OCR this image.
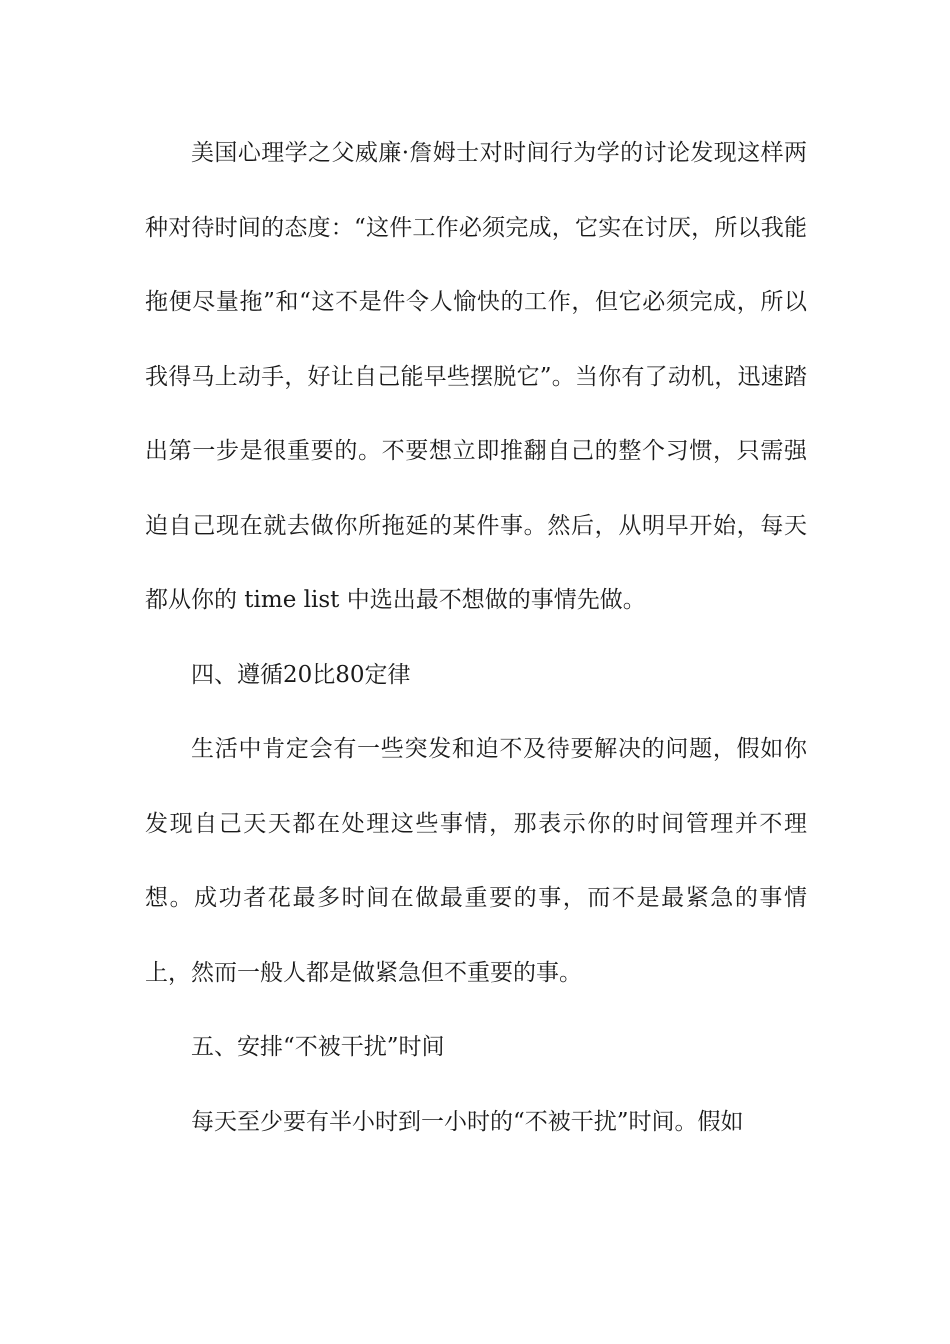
美国心理学之父威廉·詹姆士对时间行为学的讨论发现这样两种对待时间的态度：“这件工作必须完成，它实在讨厌，所以我能拖便尽量拖”和“这不是件令人愉快的工作，但它必须完成，所以我得马上动手，好让自己能早些摆脱它”。当你有了动机，迅速踏出第一步是很重要的。不要想立即推翻自己的整个习惯，只需强迫自己现在就去做你所拖延的某件事。然后，从明早开始，每天都从你的 time list 中选出最不想做的事情先做。

四、遵循20比80定律

生活中肯定会有一些突发和迫不及待要解决的问题，假如你发现自己天天都在处理这些事情，那表示你的时间管理并不理想。成功者花最多时间在做最重要的事，而不是最紧急的事情上，然而一般人都是做紧急但不重要的事。

五、安排“不被干扰”时间

每天至少要有半小时到一小时的“不被干扰”时间。假如
